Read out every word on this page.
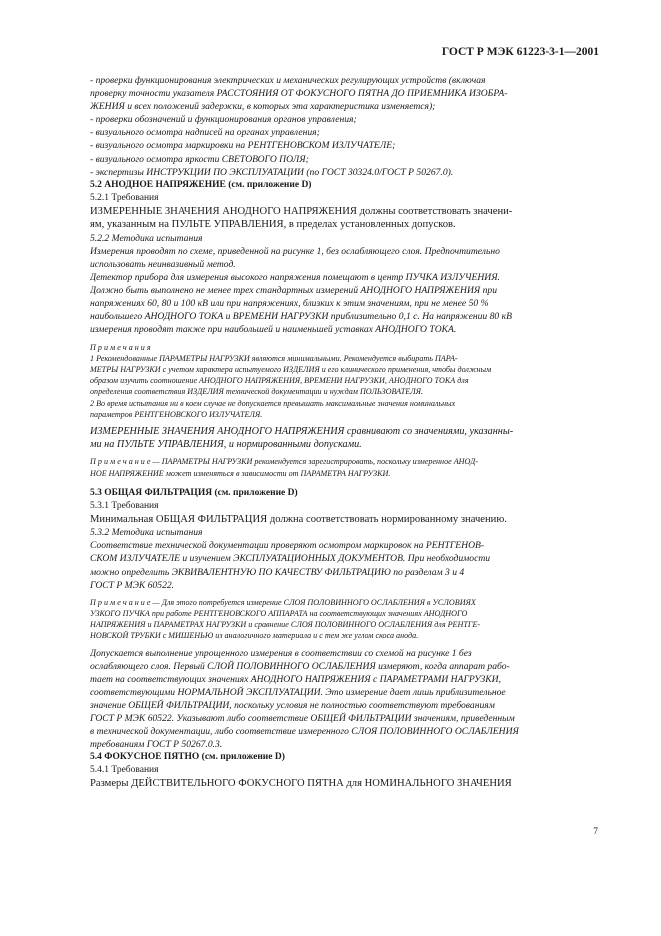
ГОСТ Р МЭК 61223-3-1—2001
- проверки функционирования электрических и механических регулирующих устройств (включая
проверку точности указателя РАССТОЯНИЯ ОТ ФОКУСНОГО ПЯТНА ДО ПРИЕМНИКА ИЗОБРА-
ЖЕНИЯ и всех положений задержки, в которых эта характеристика изменяется);
- проверки обозначений и функционирования органов управления;
- визуального осмотра надписей на органах управления;
- визуального осмотра маркировки на РЕНТГЕНОВСКОМ ИЗЛУЧАТЕЛЕ;
- визуального осмотра яркости СВЕТОВОГО ПОЛЯ;
- экспертизы ИНСТРУКЦИИ ПО ЭКСПЛУАТАЦИИ (по ГОСТ 30324.0/ГОСТ Р 50267.0).
5.2 АНОДНОЕ НАПРЯЖЕНИЕ (см. приложение D)
5.2.1 Требования
ИЗМЕРЕННЫЕ ЗНАЧЕНИЯ АНОДНОГО НАПРЯЖЕНИЯ должны соответствовать значени-
ям, указанным на ПУЛЬТЕ УПРАВЛЕНИЯ, в пределах установленных допусков.
5.2.2 Методика испытания
Измерения проводят по схеме, приведенной на рисунке 1, без ослабляющего слоя. Предпочтительно
использовать неинвазивный метод.
Детектор прибора для измерения высокого напряжения помещают в центр ПУЧКА ИЗЛУЧЕНИЯ.
Должно быть выполнено не менее трех стандартных измерений АНОДНОГО НАПРЯЖЕНИЯ при
напряжениях 60, 80 и 100 кВ или при напряжениях, близких к этим значениям, при не менее 50 %
наибольшего АНОДНОГО ТОКА и ВРЕМЕНИ НАГРУЗКИ приблизительно 0,1 с. На напряжении 80 кВ
измерения проводят также при наибольшей и наименьшей уставках АНОДНОГО ТОКА.
П р и м е ч а н и я
1 Рекомендованные ПАРАМЕТРЫ НАГРУЗКИ являются минимальными. Рекомендуется выбирать ПАРА-
МЕТРЫ НАГРУЗКИ с учетом характера испытуемого ИЗДЕЛИЯ и его клинического применения, чтобы должным
образом изучить соотношение АНОДНОГО НАПРЯЖЕНИЯ, ВРЕМЕНИ НАГРУЗКИ, АНОДНОГО ТОКА для
определения соответствия ИЗДЕЛИЯ технической документации и нуждам ПОЛЬЗОВАТЕЛЯ.
2 Во время испытания ни в коем случае не допускается превышать максимальные значения номинальных
параметров РЕНТГЕНОВСКОГО ИЗЛУЧАТЕЛЯ.
ИЗМЕРЕННЫЕ ЗНАЧЕНИЯ АНОДНОГО НАПРЯЖЕНИЯ сравнивают со значениями, указанны-
ми на ПУЛЬТЕ УПРАВЛЕНИЯ, и нормированными допусками.
П р и м е ч а н и е — ПАРАМЕТРЫ НАГРУЗКИ рекомендуется зарегистрировать, поскольку измеренное АНОД-
НОЕ НАПРЯЖЕНИЕ может изменяться в зависимости от ПАРАМЕТРА НАГРУЗКИ.
5.3 ОБЩАЯ ФИЛЬТРАЦИЯ (см. приложение D)
5.3.1 Требования
Минимальная ОБЩАЯ ФИЛЬТРАЦИЯ должна соответствовать нормированному значению.
5.3.2 Методика испытания
Соответствие технической документации проверяют осмотром маркировок на РЕНТГЕНОВ-
СКОМ ИЗЛУЧАТЕЛЕ и изучением ЭКСПЛУАТАЦИОННЫХ ДОКУМЕНТОВ. При необходимости
можно определить ЭКВИВАЛЕНТНУЮ ПО КАЧЕСТВУ ФИЛЬТРАЦИЮ по разделам 3 и 4
ГОСТ Р МЭК 60522.
П р и м е ч а н и е — Для этого потребуется измерение СЛОЯ ПОЛОВИННОГО ОСЛАБЛЕНИЯ в УСЛОВИЯХ
УЗКОГО ПУЧКА при работе РЕНТГЕНОВСКОГО АППАРАТА на соответствующих значениях АНОДНОГО
НАПРЯЖЕНИЯ и ПАРАМЕТРАХ НАГРУЗКИ и сравнение СЛОЯ ПОЛОВИННОГО ОСЛАБЛЕНИЯ для РЕНТГЕ-
НОВСКОЙ ТРУБКИ с МИШЕНЬЮ из аналогичного материала и с тем же углом скоса анода.
Допускается выполнение упрощенного измерения в соответствии со схемой на рисунке 1 без
ослабляющего слоя. Первый СЛОЙ ПОЛОВИННОГО ОСЛАБЛЕНИЯ измеряют, когда аппарат рабо-
тает на соответствующих значениях АНОДНОГО НАПРЯЖЕНИЯ с ПАРАМЕТРАМИ НАГРУЗКИ,
соответствующими НОРМАЛЬНОЙ ЭКСПЛУАТАЦИИ. Это измерение дает лишь приблизительное
значение ОБЩЕЙ ФИЛЬТРАЦИИ, поскольку условия не полностью соответствуют требованиям
ГОСТ Р МЭК 60522. Указывают либо соответствие ОБЩЕЙ ФИЛЬТРАЦИИ значениям, приведенным
в технической документации, либо соответствие измеренного СЛОЯ ПОЛОВИННОГО ОСЛАБЛЕНИЯ
требованиям ГОСТ Р 50267.0.3.
5.4 ФОКУСНОЕ ПЯТНО (см. приложение D)
5.4.1 Требования
Размеры ДЕЙСТВИТЕЛЬНОГО ФОКУСНОГО ПЯТНА для НОМИНАЛЬНОГО ЗНАЧЕНИЯ
7
